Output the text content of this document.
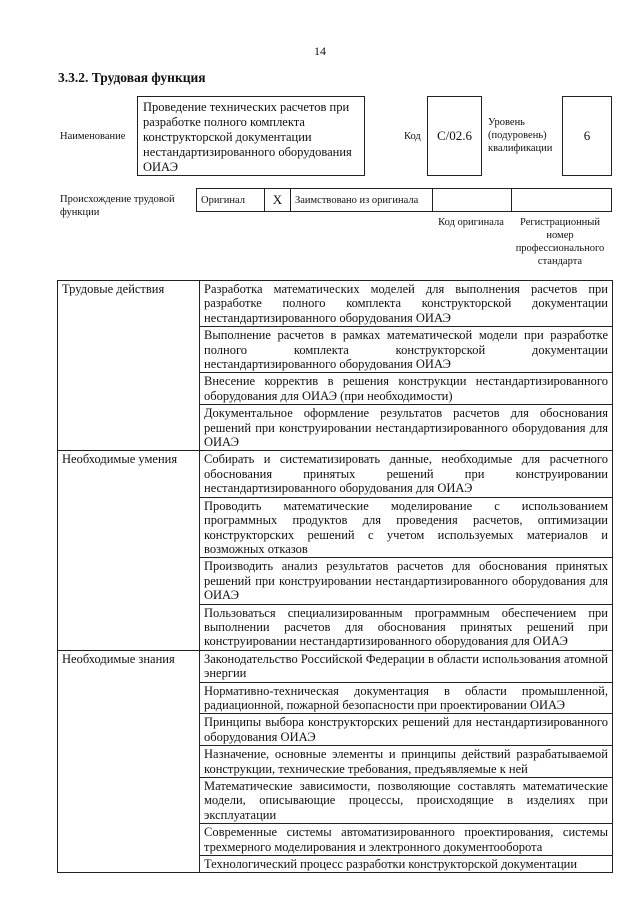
14
3.3.2. Трудовая функция
Наименование
Проведение технических расчетов при разработке полного комплекта конструкторской документации нестандартизированного оборудования ОИАЭ
Код	C/02.6
Уровень (подуровень) квалификации
6
Происхождение трудовой функции
Оригинал	X	Заимствовано из оригинала
Код оригинала	Регистрационный номер профессионального стандарта
Трудовые действия	Разработка математических моделей для выполнения расчетов при разработке полного комплекта конструкторской документации нестандартизированного оборудования ОИАЭ
	Выполнение расчетов в рамках математической модели при разработке полного комплекта конструкторской документации нестандартизированного оборудования ОИАЭ
	Внесение корректив в решения конструкции нестандартизированного оборудования для ОИАЭ (при необходимости)
	Документальное оформление результатов расчетов для обоснования решений при конструировании нестандартизированного оборудования для ОИАЭ
Необходимые умения	Собирать и систематизировать данные, необходимые для расчетного обоснования принятых решений при конструировании нестандартизированного оборудования для ОИАЭ
	Проводить математические моделирование с использованием программных продуктов для проведения расчетов, оптимизации конструкторских решений с учетом используемых материалов и возможных отказов
	Производить анализ результатов расчетов для обоснования принятых решений при конструировании нестандартизированного оборудования для ОИАЭ
	Пользоваться специализированным программным обеспечением при выполнении расчетов для обоснования принятых решений при конструировании нестандартизированного оборудования для ОИАЭ
Необходимые знания	Законодательство Российской Федерации в области использования атомной энергии
	Нормативно-техническая документация в области промышленной, радиационной, пожарной безопасности при проектировании ОИАЭ
	Принципы выбора конструкторских решений для нестандартизированного оборудования ОИАЭ
	Назначение, основные элементы и принципы действий разрабатываемой конструкции, технические требования, предъявляемые к ней
	Математические зависимости, позволяющие составлять математические модели, описывающие процессы, происходящие в изделиях при эксплуатации
	Современные системы автоматизированного проектирования, системы трехмерного моделирования и электронного документооборота
	Технологический процесс разработки конструкторской документации
